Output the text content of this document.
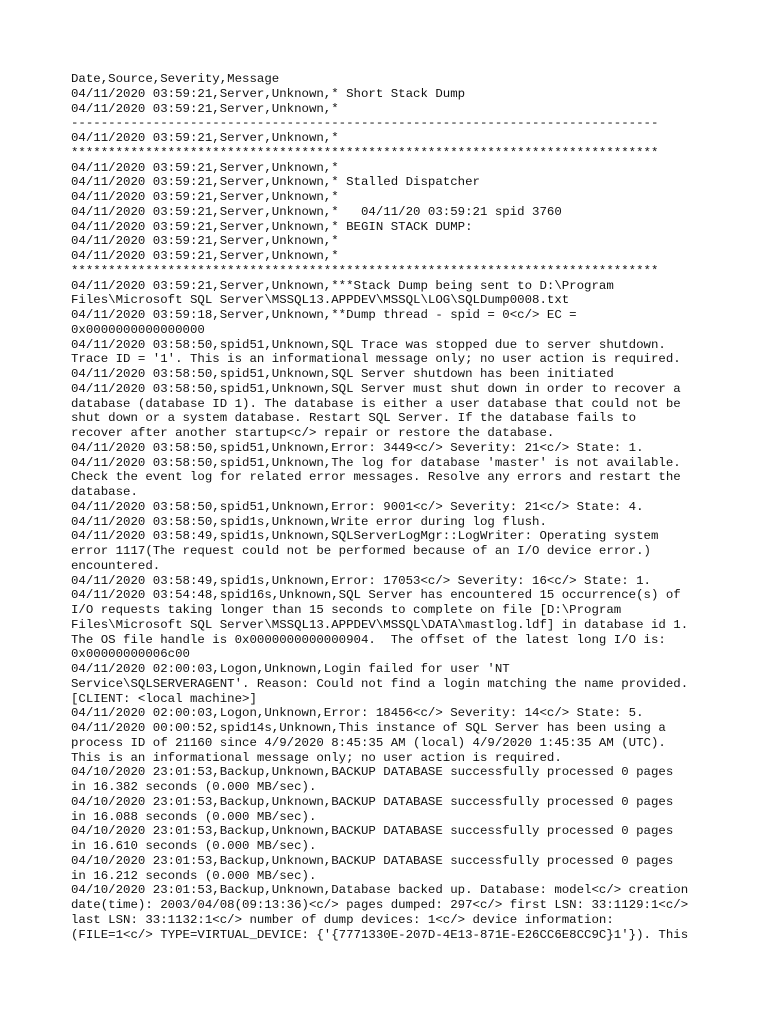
Date,Source,Severity,Message
04/11/2020 03:59:21,Server,Unknown,* Short Stack Dump
04/11/2020 03:59:21,Server,Unknown,*
-------------------------------------------------------------------------------
04/11/2020 03:59:21,Server,Unknown,*
*******************************************************************************
04/11/2020 03:59:21,Server,Unknown,*
04/11/2020 03:59:21,Server,Unknown,* Stalled Dispatcher
04/11/2020 03:59:21,Server,Unknown,*
04/11/2020 03:59:21,Server,Unknown,*   04/11/20 03:59:21 spid 3760
04/11/2020 03:59:21,Server,Unknown,* BEGIN STACK DUMP:
04/11/2020 03:59:21,Server,Unknown,*
04/11/2020 03:59:21,Server,Unknown,*
*******************************************************************************
04/11/2020 03:59:21,Server,Unknown,***Stack Dump being sent to D:\Program
Files\Microsoft SQL Server\MSSQL13.APPDEV\MSSQL\LOG\SQLDump0008.txt
04/11/2020 03:59:18,Server,Unknown,**Dump thread - spid = 0<c/> EC =
0x0000000000000000
04/11/2020 03:58:50,spid51,Unknown,SQL Trace was stopped due to server shutdown.
Trace ID = '1'. This is an informational message only; no user action is required.
04/11/2020 03:58:50,spid51,Unknown,SQL Server shutdown has been initiated
04/11/2020 03:58:50,spid51,Unknown,SQL Server must shut down in order to recover a
database (database ID 1). The database is either a user database that could not be
shut down or a system database. Restart SQL Server. If the database fails to
recover after another startup<c/> repair or restore the database.
04/11/2020 03:58:50,spid51,Unknown,Error: 3449<c/> Severity: 21<c/> State: 1.
04/11/2020 03:58:50,spid51,Unknown,The log for database 'master' is not available.
Check the event log for related error messages. Resolve any errors and restart the
database.
04/11/2020 03:58:50,spid51,Unknown,Error: 9001<c/> Severity: 21<c/> State: 4.
04/11/2020 03:58:50,spid1s,Unknown,Write error during log flush.
04/11/2020 03:58:49,spid1s,Unknown,SQLServerLogMgr::LogWriter: Operating system
error 1117(The request could not be performed because of an I/O device error.)
encountered.
04/11/2020 03:58:49,spid1s,Unknown,Error: 17053<c/> Severity: 16<c/> State: 1.
04/11/2020 03:54:48,spid16s,Unknown,SQL Server has encountered 15 occurrence(s) of
I/O requests taking longer than 15 seconds to complete on file [D:\Program
Files\Microsoft SQL Server\MSSQL13.APPDEV\MSSQL\DATA\mastlog.ldf] in database id 1.
The OS file handle is 0x0000000000000904.  The offset of the latest long I/O is:
0x00000000006c00
04/11/2020 02:00:03,Logon,Unknown,Login failed for user 'NT
Service\SQLSERVERAGENT'. Reason: Could not find a login matching the name provided.
[CLIENT: <local machine>]
04/11/2020 02:00:03,Logon,Unknown,Error: 18456<c/> Severity: 14<c/> State: 5.
04/11/2020 00:00:52,spid14s,Unknown,This instance of SQL Server has been using a
process ID of 21160 since 4/9/2020 8:45:35 AM (local) 4/9/2020 1:45:35 AM (UTC).
This is an informational message only; no user action is required.
04/10/2020 23:01:53,Backup,Unknown,BACKUP DATABASE successfully processed 0 pages
in 16.382 seconds (0.000 MB/sec).
04/10/2020 23:01:53,Backup,Unknown,BACKUP DATABASE successfully processed 0 pages
in 16.088 seconds (0.000 MB/sec).
04/10/2020 23:01:53,Backup,Unknown,BACKUP DATABASE successfully processed 0 pages
in 16.610 seconds (0.000 MB/sec).
04/10/2020 23:01:53,Backup,Unknown,BACKUP DATABASE successfully processed 0 pages
in 16.212 seconds (0.000 MB/sec).
04/10/2020 23:01:53,Backup,Unknown,Database backed up. Database: model<c/> creation
date(time): 2003/04/08(09:13:36)<c/> pages dumped: 297<c/> first LSN: 33:1129:1<c/>
last LSN: 33:1132:1<c/> number of dump devices: 1<c/> device information:
(FILE=1<c/> TYPE=VIRTUAL_DEVICE: {'{7771330E-207D-4E13-871E-E26CC6E8CC9C}1'}). This
